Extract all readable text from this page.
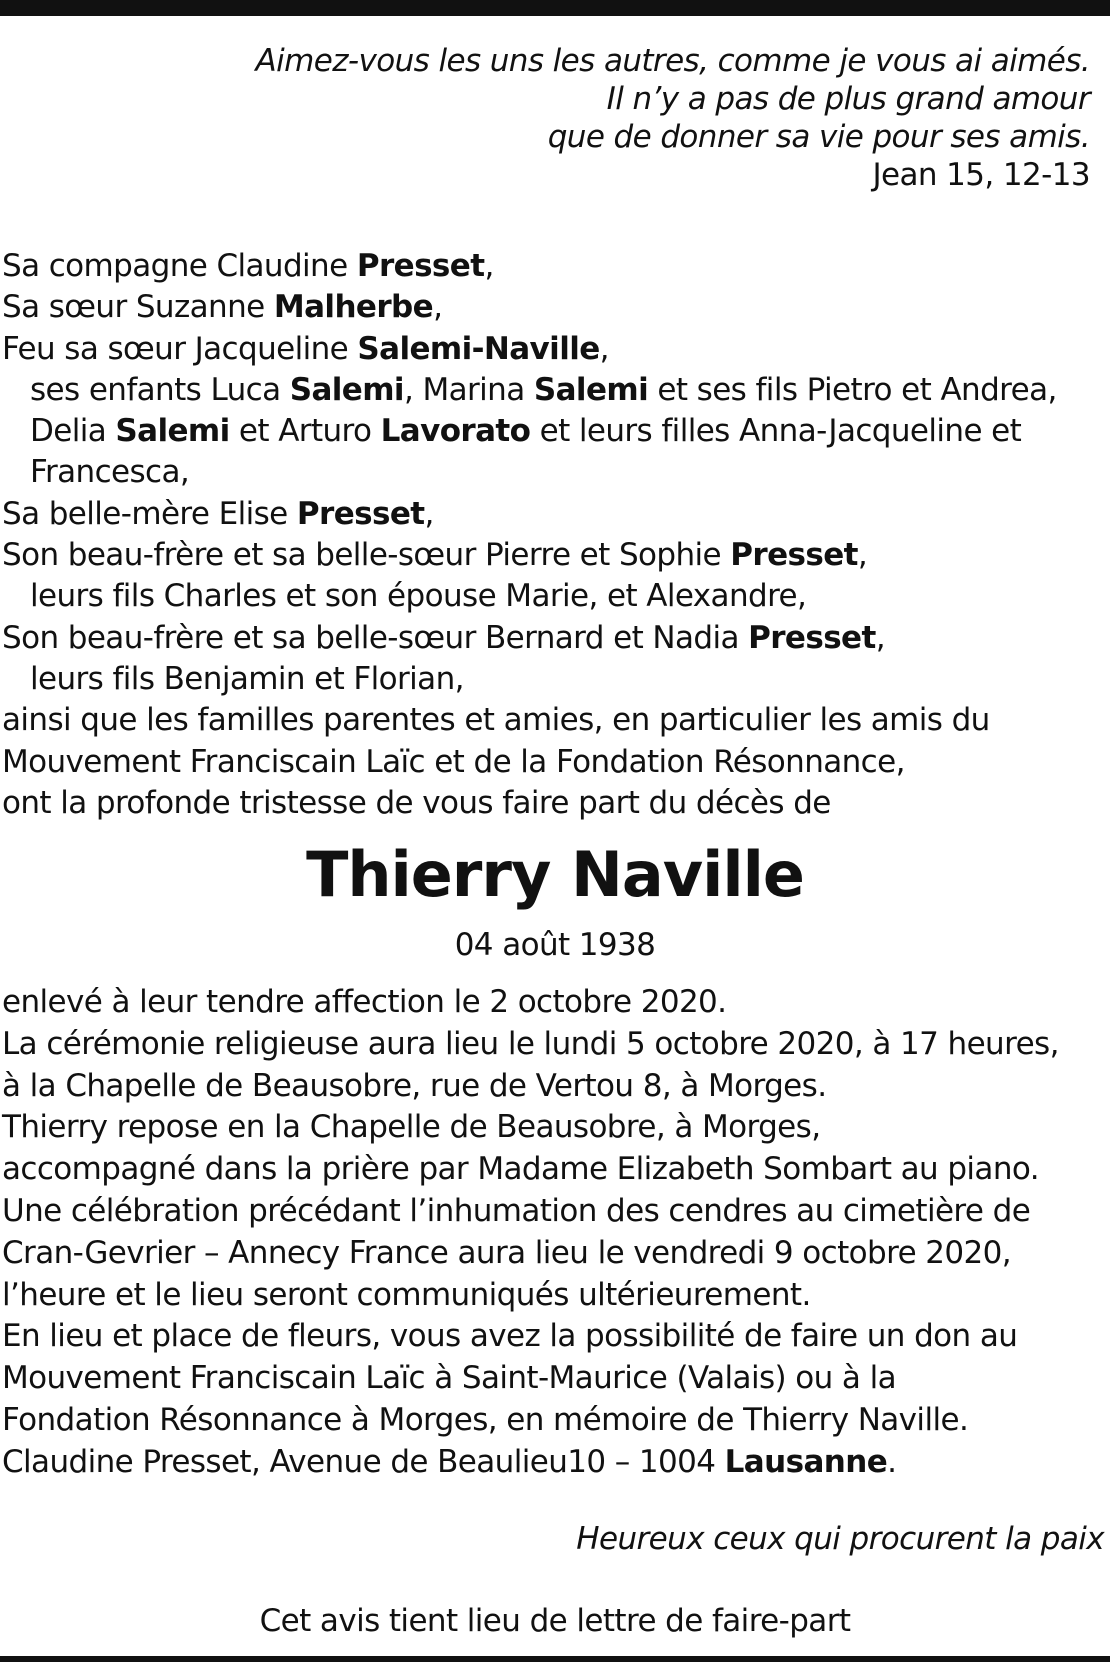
Aimez-vous les uns les autres, comme je vous ai aimés.
Il n’y a pas de plus grand amour
que de donner sa vie pour ses amis.
Jean 15, 12-13
Sa compagne Claudine Presset,
Sa sœur Suzanne Malherbe,
Feu sa sœur Jacqueline Salemi-Naville,
ses enfants Luca Salemi, Marina Salemi et ses fils Pietro et Andrea,
Delia Salemi et Arturo Lavorato et leurs filles Anna-Jacqueline et
Francesca,
Sa belle-mère Elise Presset,
Son beau-frère et sa belle-sœur Pierre et Sophie Presset,
leurs fils Charles et son épouse Marie, et Alexandre,
Son beau-frère et sa belle-sœur Bernard et Nadia Presset,
leurs fils Benjamin et Florian,
ainsi que les familles parentes et amies, en particulier les amis du
Mouvement Franciscain Laïc et de la Fondation Résonnance,
ont la profonde tristesse de vous faire part du décès de
Thierry Naville
04 août 1938
enlevé à leur tendre affection le 2 octobre 2020.
La cérémonie religieuse aura lieu le lundi 5 octobre 2020, à 17 heures,
à la Chapelle de Beausobre, rue de Vertou 8, à Morges.
Thierry repose en la Chapelle de Beausobre, à Morges,
accompagné dans la prière par Madame Elizabeth Sombart au piano.
Une célébration précédant l’inhumation des cendres au cimetière de
Cran-Gevrier – Annecy France aura lieu le vendredi 9 octobre 2020,
l’heure et le lieu seront communiqués ultérieurement.
En lieu et place de fleurs, vous avez la possibilité de faire un don au
Mouvement Franciscain Laïc à Saint-Maurice (Valais) ou à la
Fondation Résonnance à Morges, en mémoire de Thierry Naville.
Claudine Presset, Avenue de Beaulieu10 – 1004 Lausanne.
Heureux ceux qui procurent la paix
Cet avis tient lieu de lettre de faire-part
